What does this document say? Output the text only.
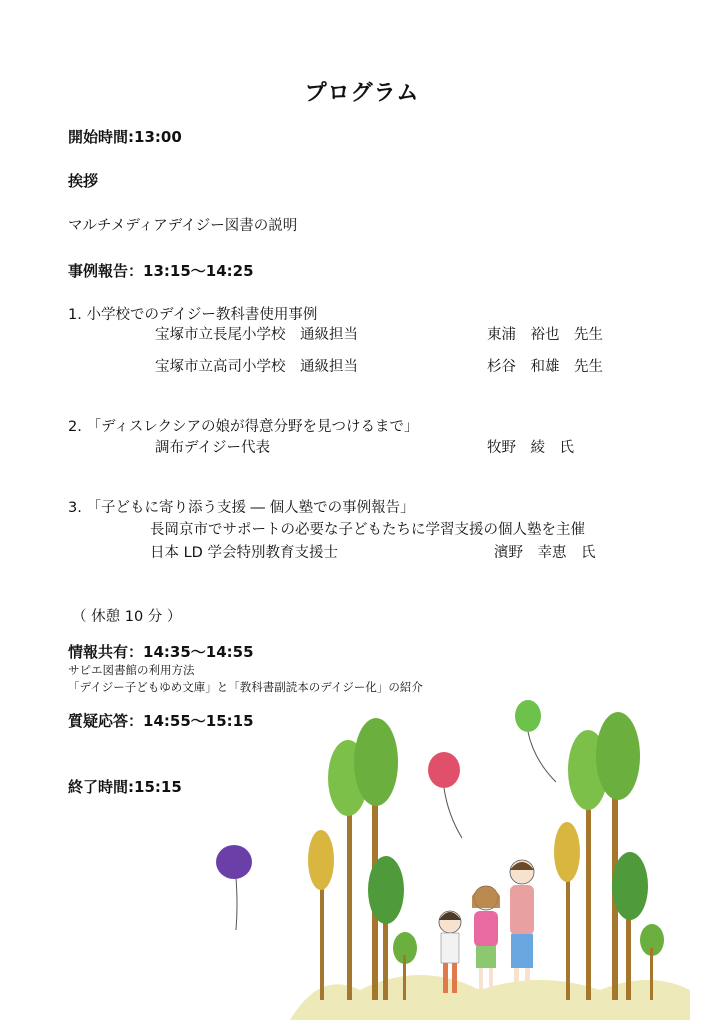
プログラム
開始時間:13:00
挨拶
マルチメディアデイジー図書の説明
事例報告：13:15〜14:25
1. 小学校でのデイジー教科書使用事例
宝塚市立長尾小学校　通級担当	東浦　裕也　先生
宝塚市立高司小学校　通級担当	杉谷　和雄　先生
2. 「ディスレクシアの娘が得意分野を見つけるまで」
調布デイジー代表	牧野　綾　氏
3. 「子どもに寄り添う支援 ― 個人塾での事例報告」
長岡京市でサポートの必要な子どもたちに学習支援の個人塾を主催
日本 LD 学会特別教育支援士	濱野　幸恵　氏
（ 休憩 10 分 ）
情報共有：14:35〜14:55
サピエ図書館の利用方法
「デイジー子どもゆめ文庫」と「教科書副読本のデイジー化」の紹介
質疑応答：14:55〜15:15
終了時間:15:15
